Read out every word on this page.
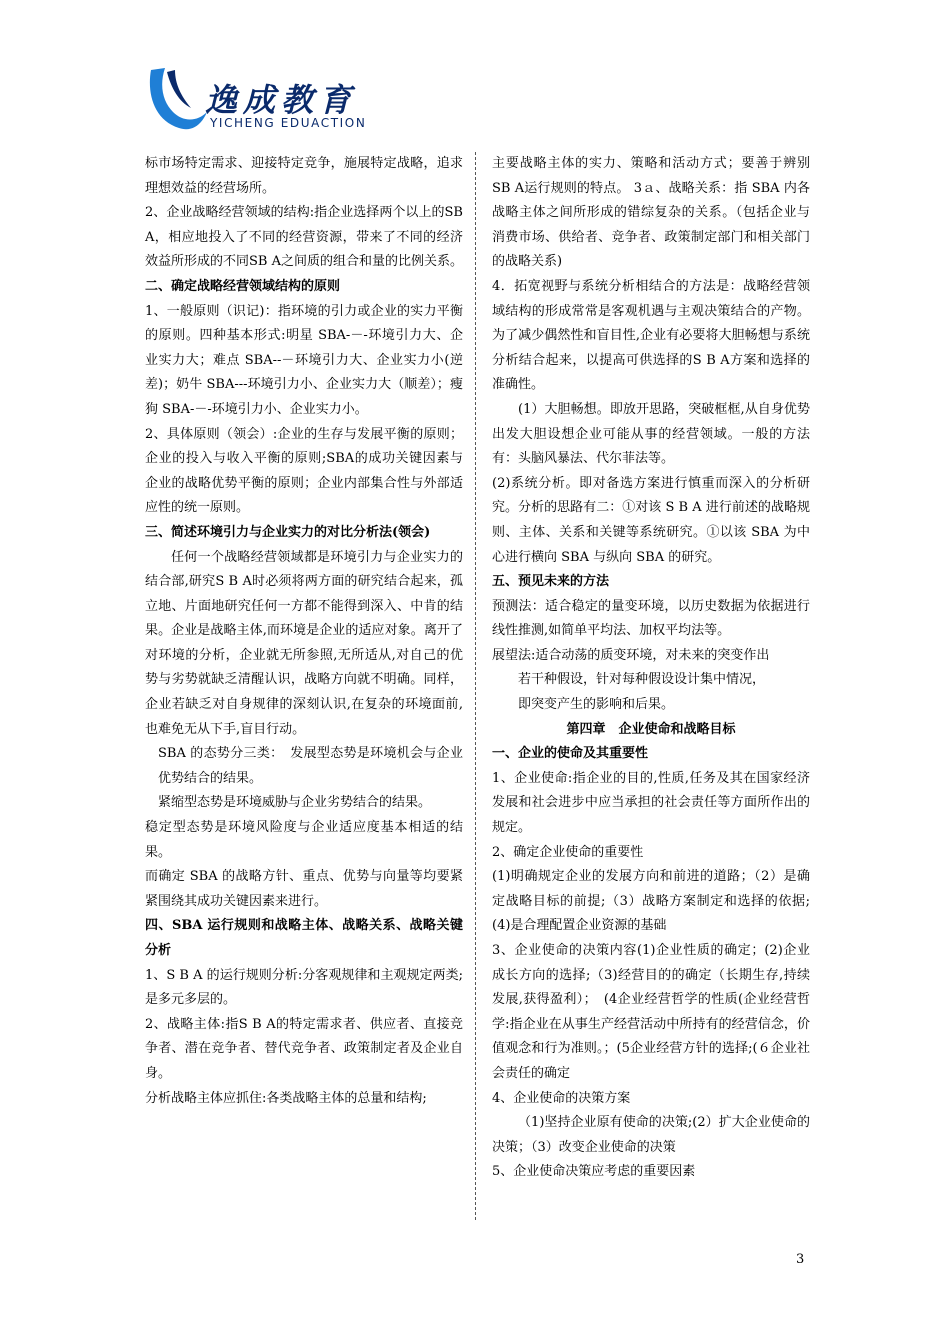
逸成教育
YICHENG EDUACTION

标市场特定需求、迎接特定竞争，施展特定战略，追求理想效益的经营场所。

2、企业战略经营领域的结构:指企业选择两个以上的SB A，相应地投入了不同的经营资源，带来了不同的经济效益所形成的不同SB A之间质的组合和量的比例关系。

二、确定战略经营领域结构的原则

1、一般原则（识记)：指环境的引力或企业的实力平衡的原则。四种基本形式:明星 SBA-－-环境引力大、企业实力大；难点 SBA--－环境引力大、企业实力小(逆差)；奶牛 SBA---环境引力小、企业实力大（顺差）；瘦狗 SBA-－-环境引力小、企业实力小。

2、具体原则（领会）:企业的生存与发展平衡的原则；企业的投入与收入平衡的原则;SBA的成功关键因素与企业的战略优势平衡的原则；企业内部集合性与外部适应性的统一原则。

三、简述环境引力与企业实力的对比分析法(领会)

任何一个战略经营领域都是环境引力与企业实力的结合部,研究S B A时必须将两方面的研究结合起来，孤立地、片面地研究任何一方都不能得到深入、中肯的结果。企业是战略主体,而环境是企业的适应对象。离开了对环境的分析，企业就无所参照,无所适从,对自己的优势与劣势就缺乏清醒认识，战略方向就不明确。同样，企业若缺乏对自身规律的深刻认识,在复杂的环境面前,也难免无从下手,盲目行动。

SBA 的态势分三类：　发展型态势是环境机会与企业优势结合的结果。

紧缩型态势是环境威胁与企业劣势结合的结果。

稳定型态势是环境风险度与企业适应度基本相适的结果。

而确定 SBA 的战略方针、重点、优势与向量等均要紧紧围绕其成功关键因素来进行。

四、SBA 运行规则和战略主体、战略关系、战略关键分析

1、S B A 的运行规则分析:分客观规律和主观规定两类;是多元多层的。

2、战略主体:指S B A的特定需求者、供应者、直接竞争者、潜在竞争者、替代竞争者、政策制定者及企业自身。

分析战略主体应抓住:各类战略主体的总量和结构;

主要战略主体的实力、策略和活动方式；要善于辨别 SB A运行规则的特点。 3ａ、战略关系：指 SBA 内各战略主体之间所形成的错综复杂的关系。（包括企业与消费市场、供给者、竞争者、政策制定部门和相关部门的战略关系)

4．拓宽视野与系统分析相结合的方法是：战略经营领域结构的形成常常是客观机遇与主观决策结合的产物。为了减少偶然性和盲目性,企业有必要将大胆畅想与系统分析结合起来，以提高可供选择的S B A方案和选择的准确性。

(1）大胆畅想。即放开思路，突破框框,从自身优势出发大胆设想企业可能从事的经营领域。一般的方法有：头脑风暴法、代尔菲法等。

(2)系统分析。即对备选方案进行慎重而深入的分析研究。分析的思路有二：①对该 S B A 进行前述的战略规则、主体、关系和关键等系统研究。①以该 SBA 为中心进行横向 SBA 与纵向 SBA 的研究。

五、预见未来的方法

预测法：适合稳定的量变环境，以历史数据为依据进行线性推测,如简单平均法、加权平均法等。

展望法:适合动荡的质变环境，对未来的突变作出

若干种假设，针对每种假设设计集中情况，

即突变产生的影响和后果。

第四章　企业使命和战略目标

一、企业的使命及其重要性

1、企业使命:指企业的目的,性质,任务及其在国家经济发展和社会进步中应当承担的社会责任等方面所作出的规定。

2、确定企业使命的重要性

(1)明确规定企业的发展方向和前进的道路；（2）是确定战略目标的前提;（3）战略方案制定和选择的依据;　(4)是合理配置企业资源的基础

3、企业使命的决策内容(1)企业性质的确定；(2)企业成长方向的选择;（3)经营目的的确定（长期生存,持续发展,获得盈利）；　(4企业经营哲学的性质(企业经营哲学:指企业在从事生产经营活动中所持有的经营信念，价值观念和行为准则。；(5企业经营方针的选择;(６企业社会责任的确定

4、企业使命的决策方案

（1)坚持企业原有使命的决策;(2）扩大企业使命的决策；（3）改变企业使命的决策

5、企业使命决策应考虑的重要因素

3
